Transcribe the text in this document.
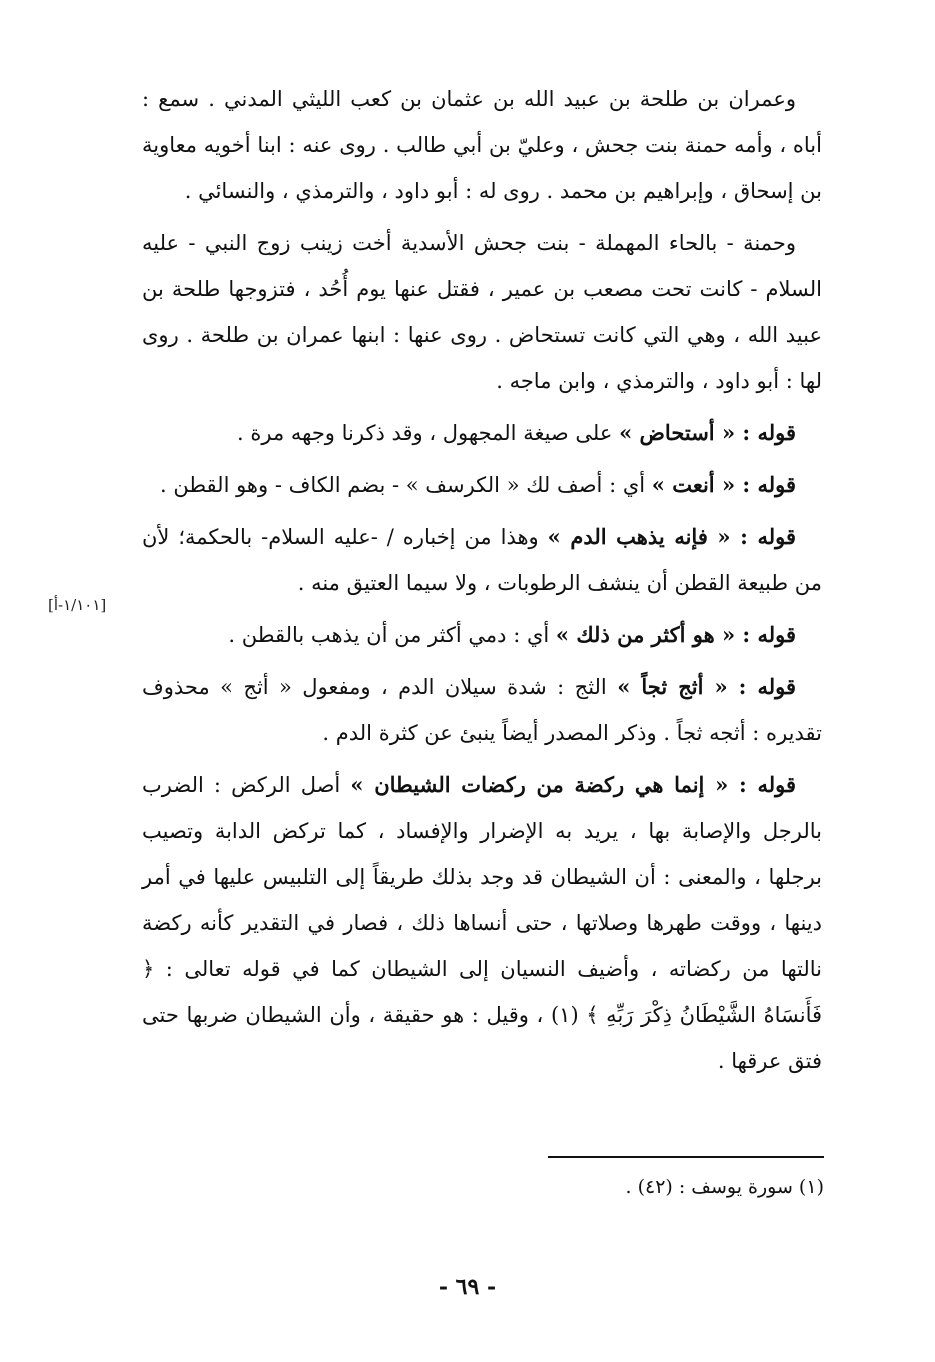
وعمران بن طلحة بن عبيد الله بن عثمان بن كعب الليثي المدني . سمع : أباه ، وأمه حمنة بنت جحش ، وعليّ بن أبي طالب . روى عنه : ابنا أخويه معاوية بن إسحاق ، وإبراهيم بن محمد . روى له : أبو داود ، والترمذي ، والنسائي .

وحمنة - بالحاء المهملة - بنت جحش الأسدية أخت زينب زوج النبي - عليه السلام - كانت تحت مصعب بن عمير ، فقتل عنها يوم أُحُد ، فتزوجها طلحة بن عبيد الله ، وهي التي كانت تستحاض . روى عنها : ابنها عمران بن طلحة . روى لها : أبو داود ، والترمذي ، وابن ماجه .

قوله : « أستحاض » على صيغة المجهول ، وقد ذكرنا وجهه مرة .

قوله : « أنعت » أي : أصف لك « الكرسف » - بضم الكاف - وهو القطن .

قوله : « فإنه يذهب الدم » وهذا من إخباره / -عليه السلام- بالحكمة؛ لأن من طبيعة القطن أن ينشف الرطوبات ، ولا سيما العتيق منه .

قوله : « هو أكثر من ذلك » أي : دمي أكثر من أن يذهب بالقطن .

قوله : « أثج ثجاً » الثج : شدة سيلان الدم ، ومفعول « أثج » محذوف تقديره : أثجه ثجاً . وذكر المصدر أيضاً ينبئ عن كثرة الدم .

قوله : « إنما هي ركضة من ركضات الشيطان » أصل الركض : الضرب بالرجل والإصابة بها ، يريد به الإضرار والإفساد ، كما تركض الدابة وتصيب برجلها ، والمعنى : أن الشيطان قد وجد بذلك طريقاً إلى التلبيس عليها في أمر دينها ، ووقت طهرها وصلاتها ، حتى أنساها ذلك ، فصار في التقدير كأنه ركضة نالتها من ركضاته ، وأضيف النسيان إلى الشيطان كما في قوله تعالى : ﴿ فَأَنسَاهُ الشَّيْطَانُ ذِكْرَ رَبِّهِ ﴾ (١) ، وقيل : هو حقيقة ، وأن الشيطان ضربها حتى فتق عرقها .

[١/١٠١-أ]
(١) سورة يوسف : (٤٢) .
- ٦٩ -
